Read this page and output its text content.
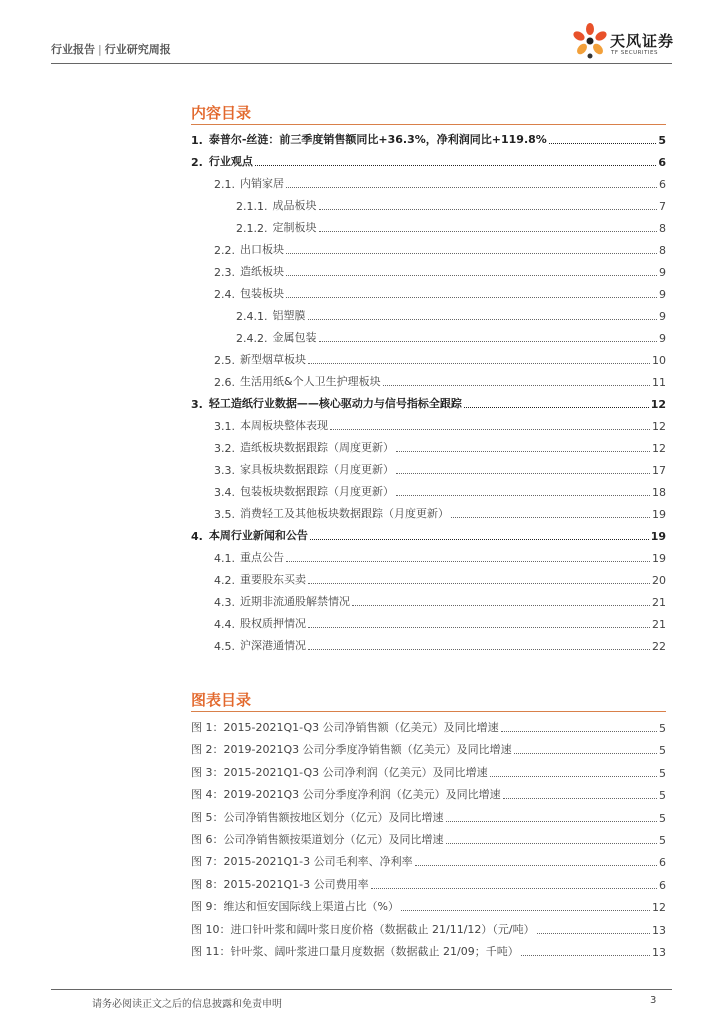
行业报告 | 行业研究周报	天风证券
TF SECURITIES
内容目录
1. 泰普尔-丝涟：前三季度销售额同比+36.3%，净利润同比+119.8%	5
2. 行业观点	6
2.1. 内销家居	6
2.1.1. 成品板块	7
2.1.2. 定制板块	8
2.2. 出口板块	8
2.3. 造纸板块	9
2.4. 包装板块	9
2.4.1. 铝塑膜	9
2.4.2. 金属包装	9
2.5. 新型烟草板块	10
2.6. 生活用纸&个人卫生护理板块	11
3. 轻工造纸行业数据——核心驱动力与信号指标全跟踪	12
3.1. 本周板块整体表现	12
3.2. 造纸板块数据跟踪（周度更新）	12
3.3. 家具板块数据跟踪（月度更新）	17
3.4. 包装板块数据跟踪（月度更新）	18
3.5. 消费轻工及其他板块数据跟踪（月度更新）	19
4. 本周行业新闻和公告	19
4.1. 重点公告	19
4.2. 重要股东买卖	20
4.3. 近期非流通股解禁情况	21
4.4. 股权质押情况	21
4.5. 沪深港通情况	22
图表目录
图 1：2015-2021Q1-Q3 公司净销售额（亿美元）及同比增速	5
图 2：2019-2021Q3 公司分季度净销售额（亿美元）及同比增速	5
图 3：2015-2021Q1-Q3 公司净利润（亿美元）及同比增速	5
图 4：2019-2021Q3 公司分季度净利润（亿美元）及同比增速	5
图 5：公司净销售额按地区划分（亿元）及同比增速	5
图 6：公司净销售额按渠道划分（亿元）及同比增速	5
图 7：2015-2021Q1-3 公司毛利率、净利率	6
图 8：2015-2021Q1-3 公司费用率	6
图 9：维达和恒安国际线上渠道占比（%）	12
图 10：进口针叶浆和阔叶浆日度价格（数据截止 21/11/12）（元/吨）	13
图 11：针叶浆、阔叶浆进口量月度数据（数据截止 21/09；千吨）	13
请务必阅读正文之后的信息披露和免责申明	3
